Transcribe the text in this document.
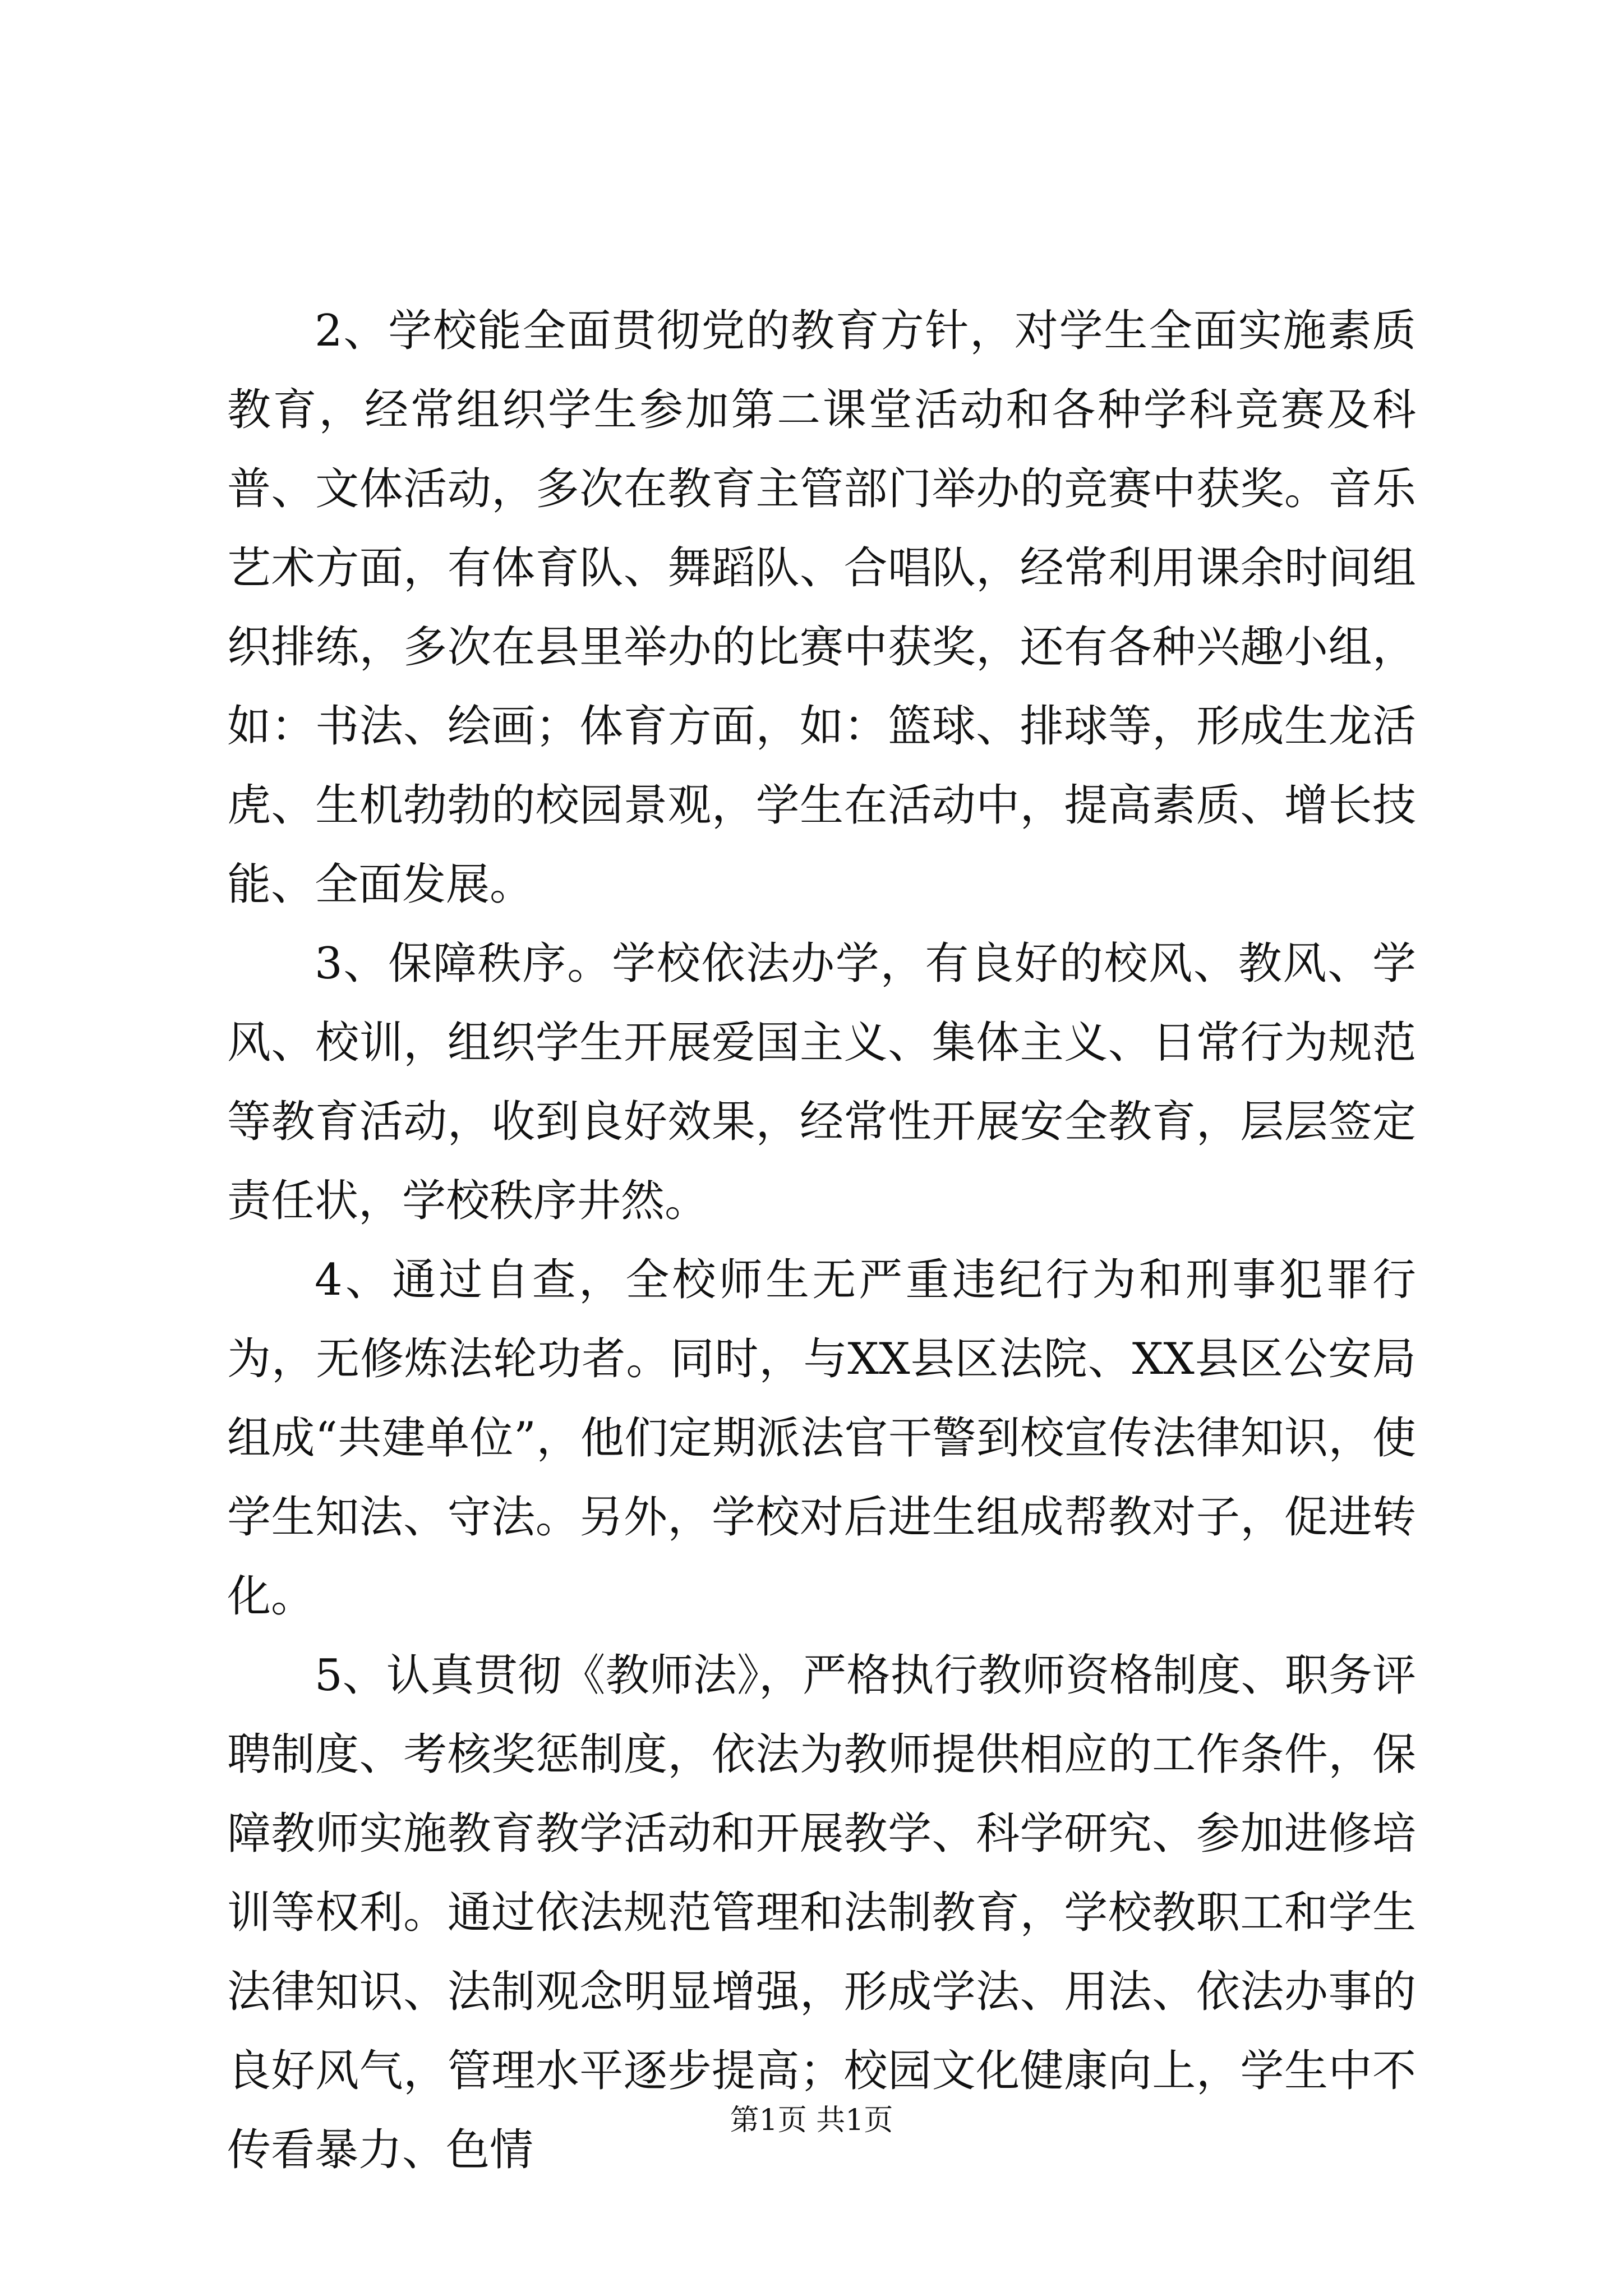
2、学校能全面贯彻党的教育方针，对学生全面实施素质教育，经常组织学生参加第二课堂活动和各种学科竞赛及科普、文体活动，多次在教育主管部门举办的竞赛中获奖。音乐艺术方面，有体育队、舞蹈队、合唱队，经常利用课余时间组织排练，多次在县里举办的比赛中获奖，还有各种兴趣小组，如：书法、绘画；体育方面，如：篮球、排球等，形成生龙活虎、生机勃勃的校园景观，学生在活动中，提高素质、增长技能、全面发展。

3、保障秩序。学校依法办学，有良好的校风、教风、学风、校训，组织学生开展爱国主义、集体主义、日常行为规范等教育活动，收到良好效果，经常性开展安全教育，层层签定责任状，学校秩序井然。

4、通过自查，全校师生无严重违纪行为和刑事犯罪行为，无修炼法轮功者。同时，与XX县区法院、XX县区公安局组成“共建单位”，他们定期派法官干警到校宣传法律知识，使学生知法、守法。另外，学校对后进生组成帮教对子，促进转化。

5、认真贯彻《教师法》，严格执行教师资格制度、职务评聘制度、考核奖惩制度，依法为教师提供相应的工作条件，保障教师实施教育教学活动和开展教学、科学研究、参加进修培训等权利。通过依法规范管理和法制教育，学校教职工和学生法律知识、法制观念明显增强，形成学法、用法、依法办事的良好风气，管理水平逐步提高；校园文化健康向上，学生中不传看暴力、色情

第1页 共1页
